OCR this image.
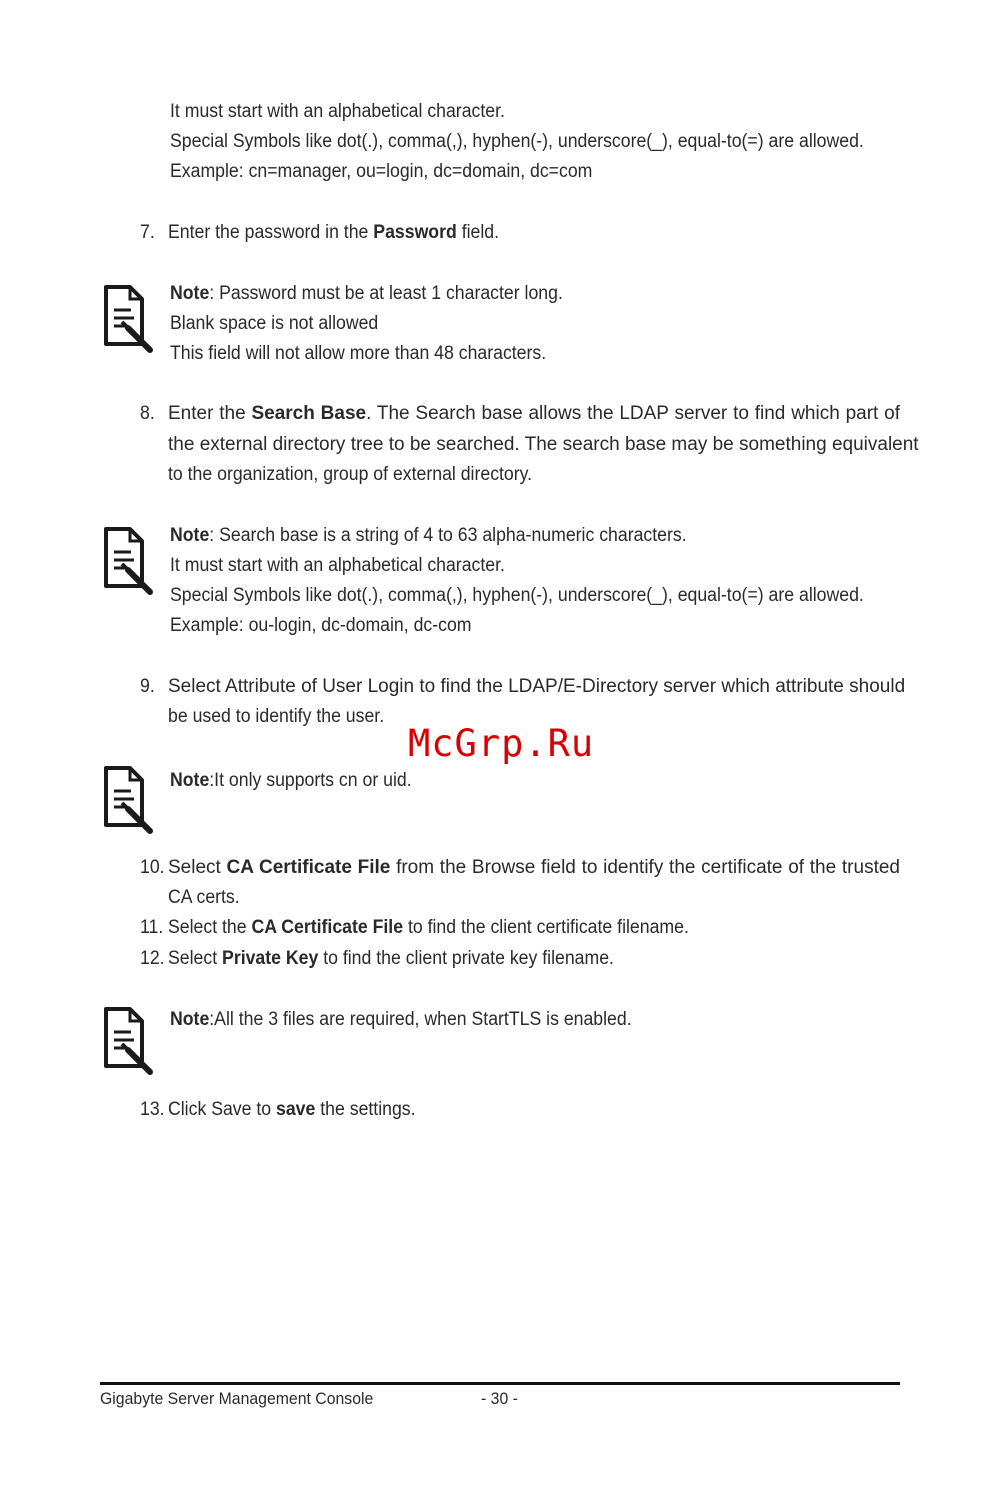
It must start with an alphabetical character.
Special Symbols like dot(.), comma(,), hyphen(-), underscore(_), equal-to(=) are allowed.
Example: cn=manager, ou=login, dc=domain, dc=com
7. Enter the password in the Password field.
Note: Password must be at least 1 character long.
Blank space is not allowed
This field will not allow more than 48 characters.
8. Enter the Search Base. The Search base allows the LDAP server to find which part of
the external directory tree to be searched. The search base may be something equivalent
to the organization, group of external directory.
Note: Search base is a string of 4 to 63 alpha-numeric characters.
It must start with an alphabetical character.
Special Symbols like dot(.), comma(,), hyphen(-), underscore(_), equal-to(=) are allowed.
Example: ou-login, dc-domain, dc-com
9. Select Attribute of User Login to find the LDAP/E-Directory server which attribute should
be used to identify the user.
McGrp.Ru
Note:It only supports cn or uid.
10. Select CA Certificate File from the Browse field to identify the certificate of the trusted
CA certs.
11. Select the CA Certificate File to find the client certificate filename.
12. Select Private Key to find the client private key filename.
Note:All the 3 files are required, when StartTLS is enabled.
13. Click Save to save the settings.
Gigabyte Server Management Console	- 30 -
